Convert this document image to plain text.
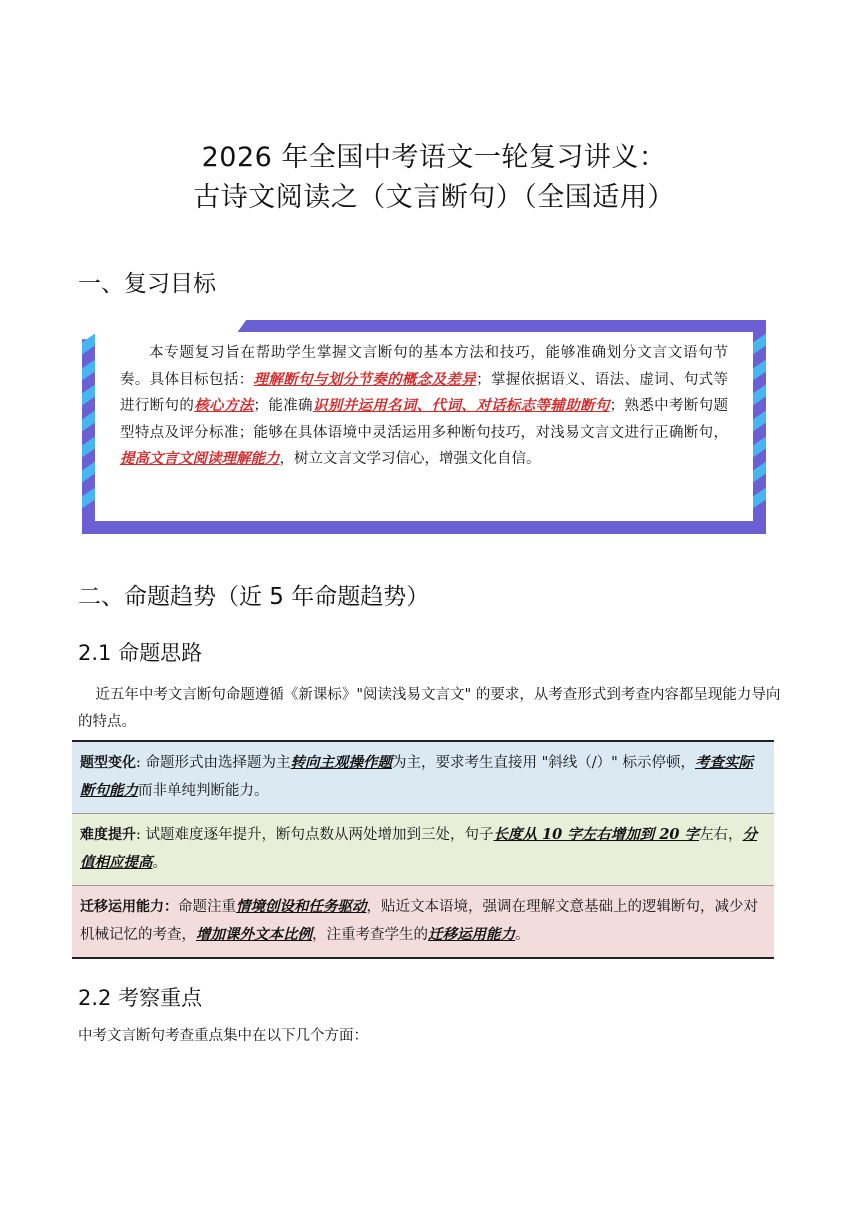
2026 年全国中考语文一轮复习讲义：
古诗文阅读之（文言断句）（全国适用）
一、复习目标
本专题复习旨在帮助学生掌握文言断句的基本方法和技巧，能够准确划分文言文语句节奏。具体目标包括：理解断句与划分节奏的概念及差异；掌握依据语义、语法、虚词、句式等进行断句的核心方法；能准确识别并运用名词、代词、对话标志等辅助断句；熟悉中考断句题型特点及评分标准；能够在具体语境中灵活运用多种断句技巧，对浅易文言文进行正确断句，提高文言文阅读理解能力，树立文言文学习信心，增强文化自信。
二、命题趋势（近 5 年命题趋势）
2.1 命题思路
近五年中考文言断句命题遵循《新课标》"阅读浅易文言文" 的要求，从考查形式到考查内容都呈现能力导向的特点。
题型变化: 命题形式由选择题为主转向主观操作题为主，要求考生直接用 "斜线（/）" 标示停顿，考查实际断句能力而非单纯判断能力。
难度提升: 试题难度逐年提升，断句点数从两处增加到三处，句子长度从 10 字左右增加到 20 字左右，分值相应提高。
迁移运用能力：命题注重情境创设和任务驱动，贴近文本语境，强调在理解文意基础上的逻辑断句，减少对机械记忆的考查，增加课外文本比例，注重考查学生的迁移运用能力。
2.2 考察重点
中考文言断句考查重点集中在以下几个方面：
